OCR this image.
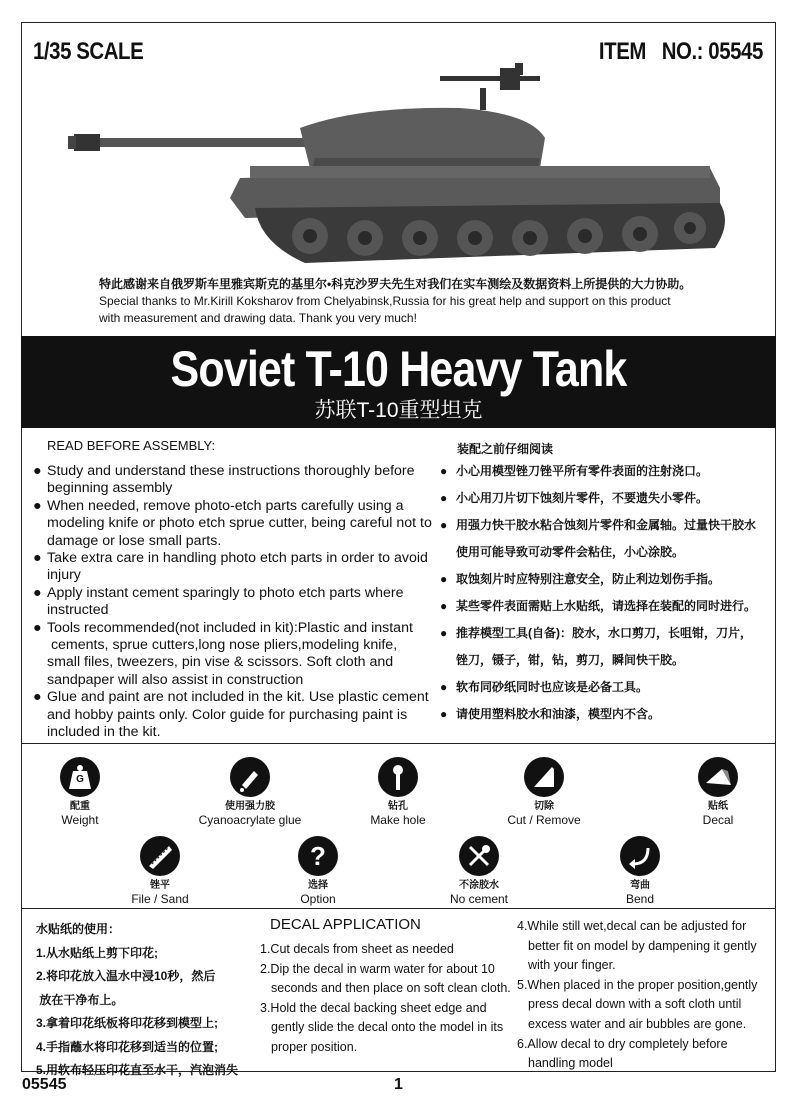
1/35 SCALE	ITEM   NO.: 05545
特此感谢来自俄罗斯车里雅宾斯克的基里尔•科克沙罗夫先生对我们在实车测绘及数据资料上所提供的大力协助。
Special thanks to Mr.Kirill Koksharov from Chelyabinsk,Russia for his great help and support on this product
with measurement and drawing data. Thank you very much!
Soviet T-10 Heavy Tank
苏联T-10重型坦克
READ BEFORE ASSEMBLY:
● Study and understand these instructions thoroughly before
beginning assembly
● When needed, remove photo-etch parts carefully using a
modeling knife or photo etch sprue cutter, being careful not to
damage or lose small parts.
● Take extra care in handling photo etch parts in order to avoid
injury
● Apply instant cement sparingly to photo etch parts where
instructed
● Tools recommended(not included in kit):Plastic and instant
cements, sprue cutters,long nose pliers,modeling knife,
small files, tweezers, pin vise & scissors. Soft cloth and
sandpaper will also assist in construction
● Glue and paint are not included in the kit. Use plastic cement
and hobby paints only. Color guide for purchasing paint is
included in the kit.
装配之前仔细阅读
● 小心用模型锉刀锉平所有零件表面的注射浇口。
● 小心用刀片切下蚀刻片零件，不要遗失小零件。
● 用强力快干胶水粘合蚀刻片零件和金属轴。过量快干胶水
使用可能导致可动零件会粘住，小心涂胶。
● 取蚀刻片时应特别注意安全，防止利边划伤手指。
● 某些零件表面需贴上水贴纸，请选择在装配的同时进行。
● 推荐模型工具(自备)：胶水，水口剪刀，长咀钳，刀片，
锉刀，镊子，钳，钻，剪刀，瞬间快干胶。
● 软布同砂纸同时也应该是必备工具。
● 请使用塑料胶水和油漆，模型内不含。
G
配重
Weight
使用强力胶
Cyanoacrylate glue
钻孔
Make hole
切除
Cut / Remove
贴纸
Decal
锉平
File / Sand
?
选择
Option
不涂胶水
No cement
弯曲
Bend
水贴纸的使用：
1.从水贴纸上剪下印花;
2.将印花放入温水中浸10秒，然后
放在干净布上。
3.拿着印花纸板将印花移到模型上;
4.手指蘸水将印花移到适当的位置;
5.用软布轻压印花直至水干，汽泡消失
DECAL APPLICATION
1.Cut decals from sheet as needed
2.Dip the decal in warm water for about 10
seconds and then place on soft clean cloth.
3.Hold the decal backing sheet edge and
gently slide the decal onto the model in its
proper position.
4.While still wet,decal can be adjusted for
better fit on model by dampening it gently
with your finger.
5.When placed in the proper position,gently
press decal down with a soft cloth until
excess water and air bubbles are gone.
6.Allow decal to dry completely before
handling model
05545	1
